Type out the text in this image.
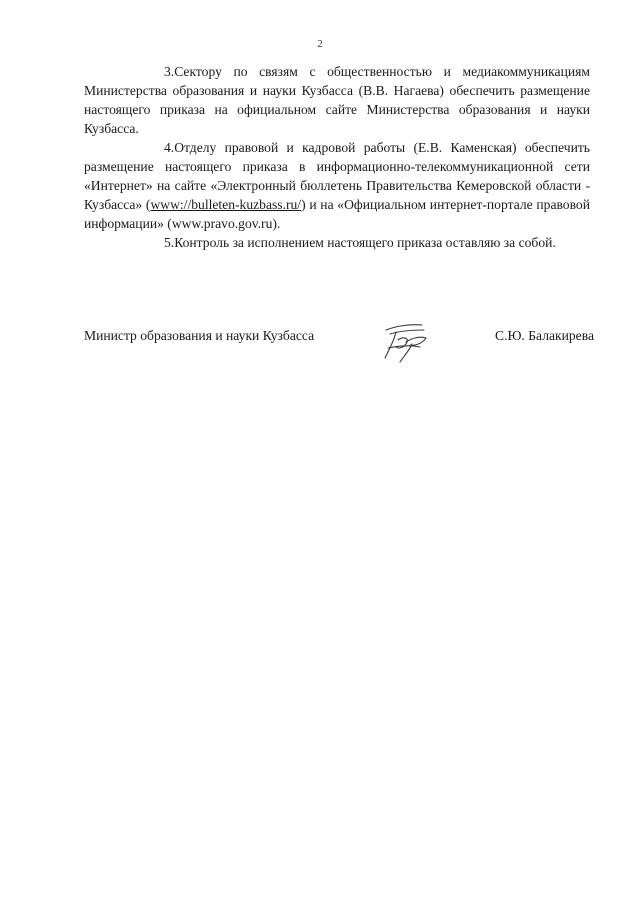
2

3.Сектору по связям с общественностью и медиакоммуникациям Министерства образования и науки Кузбасса (В.В. Нагаева) обеспечить размещение настоящего приказа на официальном сайте Министерства образования и науки Кузбасса.

4.Отделу правовой и кадровой работы (Е.В. Каменская) обеспечить размещение настоящего приказа в информационно-телекоммуникационной сети «Интернет» на сайте «Электронный бюллетень Правительства Кемеровской области - Кузбасса» (www://bulleten-kuzbass.ru/) и на «Официальном интернет-портале правовой информации» (www.pravo.gov.ru).

5.Контроль за исполнением настоящего приказа оставляю за собой.

Министр образования и науки Кузбасса	С.Ю. Балакирева
